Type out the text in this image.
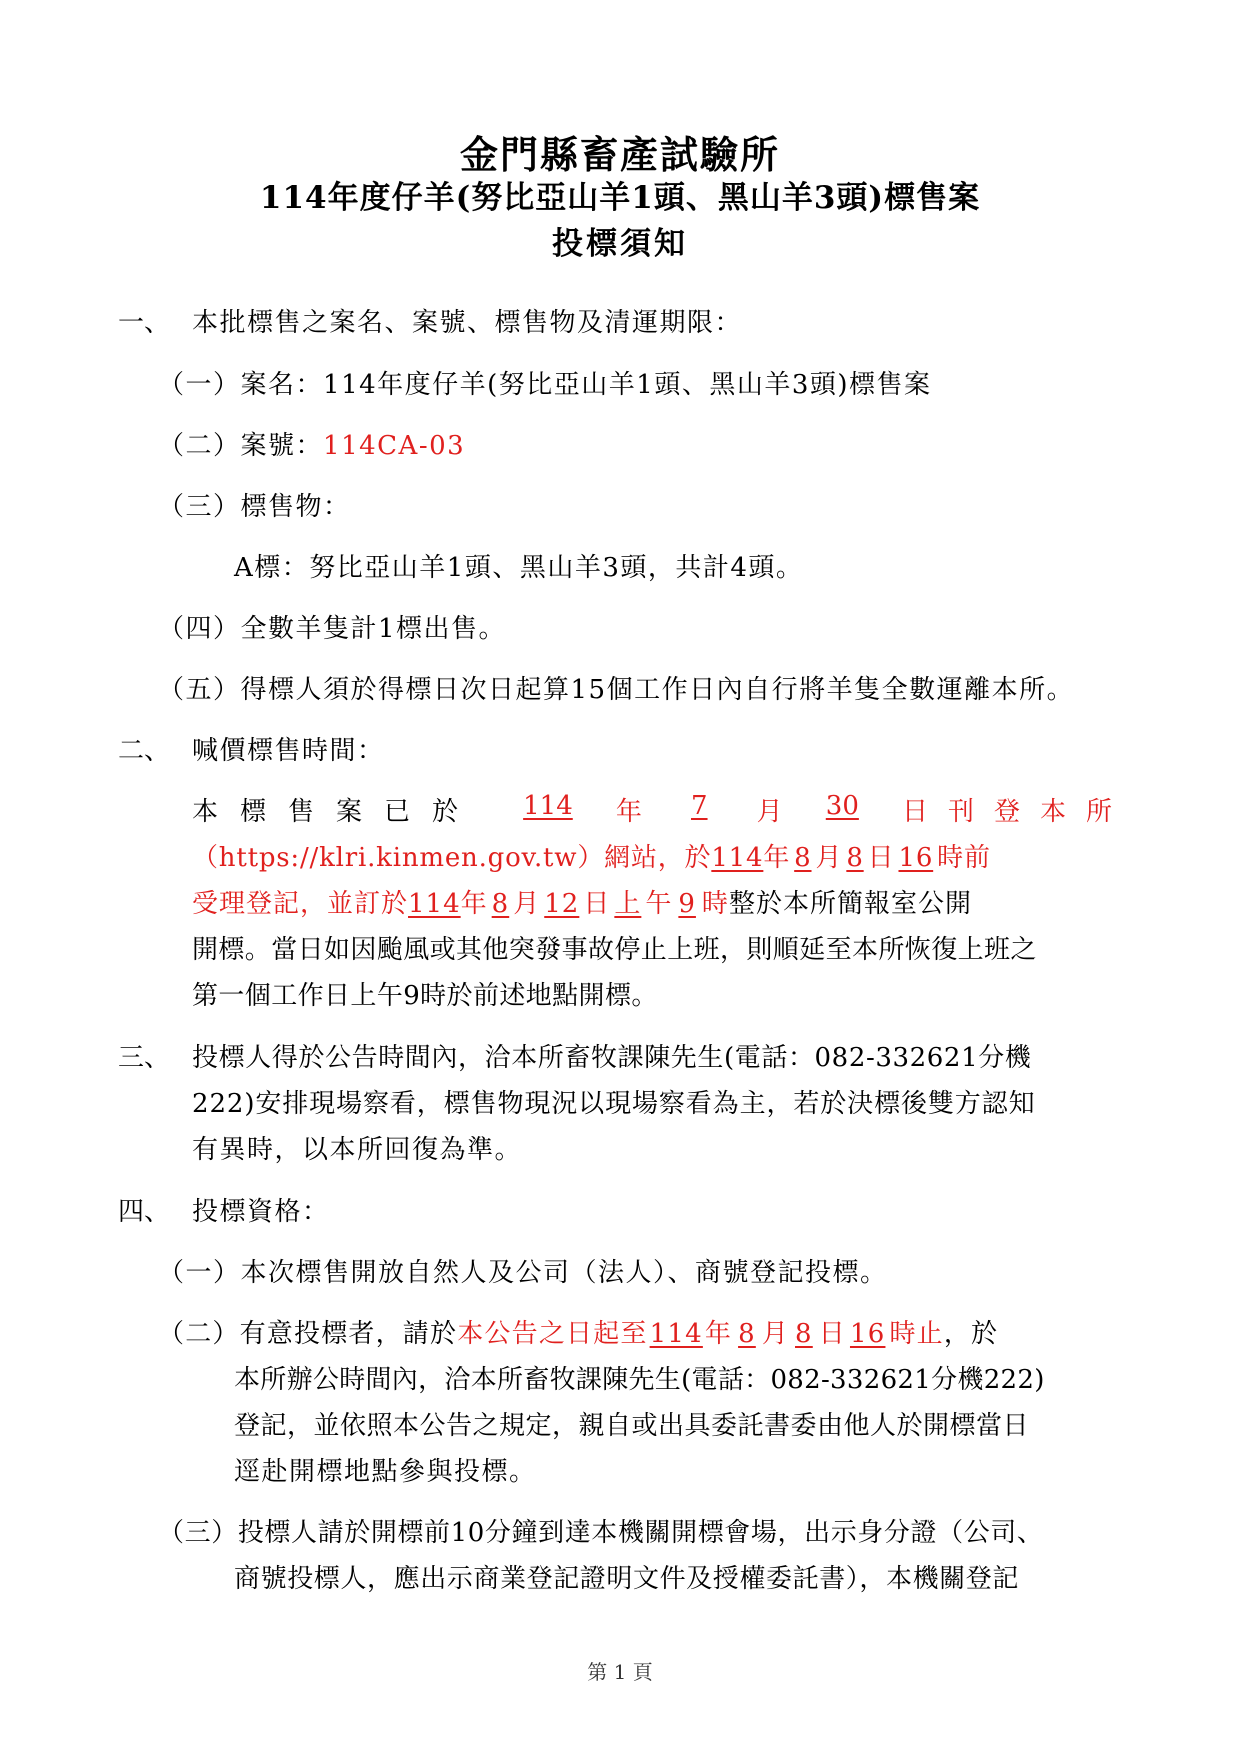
金門縣畜產試驗所
114年度仔羊(努比亞山羊1頭、黑山羊3頭)標售案
投標須知
一、 本批標售之案名、案號、標售物及清運期限：
（一）案名：114年度仔羊(努比亞山羊1頭、黑山羊3頭)標售案
（二）案號：114CA-03
（三）標售物：
A標：努比亞山羊1頭、黑山羊3頭，共計4頭。
（四）全數羊隻計1標出售。
（五）得標人須於得標日次日起算15個工作日內自行將羊隻全數運離本所。
二、 喊價標售時間：
本標售案已於	114	年	7	月	30	日刊登本所
（https://klri.kinmen.gov.tw）網站，於114年 8 月 8 日 16 時前
受理登記，並訂於114年 8 月 12 日 上 午 9 時整於本所簡報室公開
開標。當日如因颱風或其他突發事故停止上班，則順延至本所恢復上班之
第一個工作日上午9時於前述地點開標。
三、 投標人得於公告時間內，洽本所畜牧課陳先生(電話：082-332621分機
222)安排現場察看，標售物現況以現場察看為主，若於決標後雙方認知
有異時，以本所回復為準。
四、 投標資格：
（一）本次標售開放自然人及公司（法人）、商號登記投標。
（二）有意投標者，請於本公告之日起至114年 8 月 8 日 16 時止，於
本所辦公時間內，洽本所畜牧課陳先生(電話：082-332621分機222)
登記，並依照本公告之規定，親自或出具委託書委由他人於開標當日
逕赴開標地點參與投標。
（三）投標人請於開標前10分鐘到達本機關開標會場，出示身分證（公司、
商號投標人，應出示商業登記證明文件及授權委託書），本機關登記
第 1 頁
